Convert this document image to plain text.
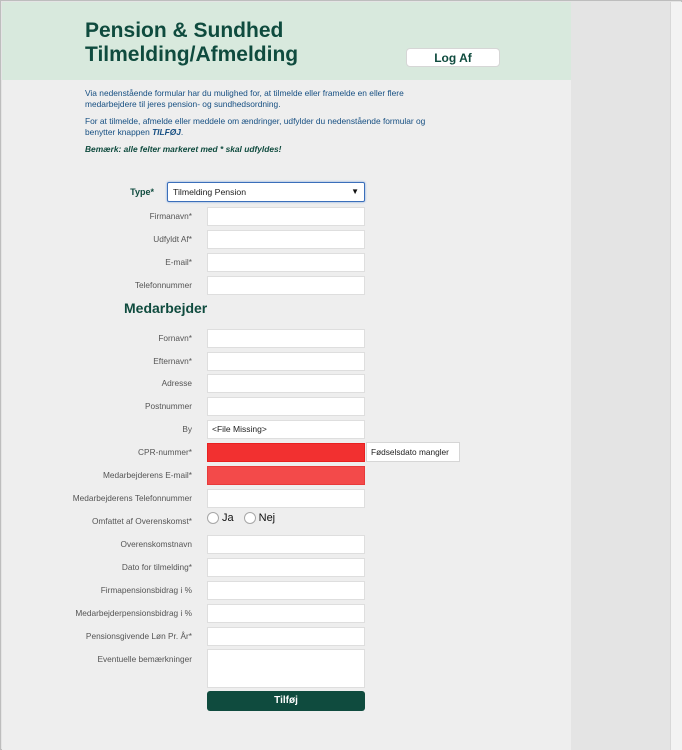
Pension & Sundhed
Tilmelding/Afmelding	Log Af
Via nedenstående formular har du mulighed for, at tilmelde eller framelde en eller flere
medarbejdere til jeres pension- og sundhedsordning.
For at tilmelde, afmelde eller meddele om ændringer, udfylder du nedenstående formular og
benytter knappen TILFØJ.
Bemærk: alle felter markeret med * skal udfyldes!
Type*	Tilmelding Pension	▼
Firmanavn*
Udfyldt Af*
E-mail*
Telefonnummer
Medarbejder
Fornavn*
Efternavn*
Adresse
Postnummer
By	<File Missing>
CPR-nummer*	Fødselsdato mangler
Medarbejderens E-mail*
Medarbejderens Telefonnummer
Omfattet af Overenskomst*	Ja Nej
Overenskomstnavn
Dato for tilmelding*
Firmapensionsbidrag i %
Medarbejderpensionsbidrag i %
Pensionsgivende Løn Pr. År*
Eventuelle bemærkninger
Tilføj
